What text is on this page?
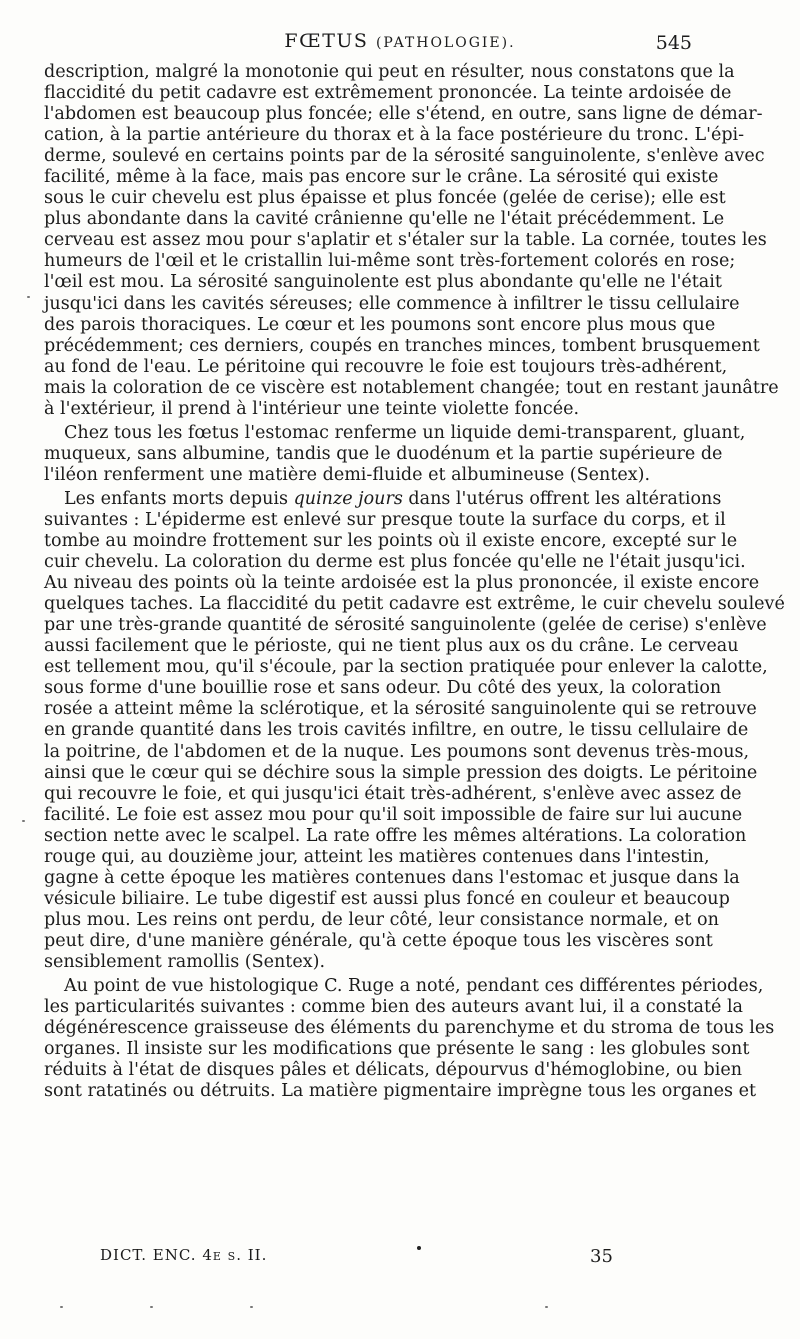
FŒTUS (PATHOLOGIE).	545
description, malgré la monotonie qui peut en résulter, nous constatons que la
flaccidité du petit cadavre est extrêmement prononcée. La teinte ardoisée de
l'abdomen est beaucoup plus foncée; elle s'étend, en outre, sans ligne de démar-
cation, à la partie antérieure du thorax et à la face postérieure du tronc. L'épi-
derme, soulevé en certains points par de la sérosité sanguinolente, s'enlève avec
facilité, même à la face, mais pas encore sur le crâne. La sérosité qui existe
sous le cuir chevelu est plus épaisse et plus foncée (gelée de cerise); elle est
plus abondante dans la cavité crânienne qu'elle ne l'était précédemment. Le
cerveau est assez mou pour s'aplatir et s'étaler sur la table. La cornée, toutes les
humeurs de l'œil et le cristallin lui-même sont très-fortement colorés en rose;
l'œil est mou. La sérosité sanguinolente est plus abondante qu'elle ne l'était
jusqu'ici dans les cavités séreuses; elle commence à infiltrer le tissu cellulaire
des parois thoraciques. Le cœur et les poumons sont encore plus mous que
précédemment; ces derniers, coupés en tranches minces, tombent brusquement
au fond de l'eau. Le péritoine qui recouvre le foie est toujours très-adhérent,
mais la coloration de ce viscère est notablement changée; tout en restant jaunâtre
à l'extérieur, il prend à l'intérieur une teinte violette foncée.
Chez tous les fœtus l'estomac renferme un liquide demi-transparent, gluant,
muqueux, sans albumine, tandis que le duodénum et la partie supérieure de
l'iléon renferment une matière demi-fluide et albumineuse (Sentex).
Les enfants morts depuis quinze jours dans l'utérus offrent les altérations
suivantes : L'épiderme est enlevé sur presque toute la surface du corps, et il
tombe au moindre frottement sur les points où il existe encore, excepté sur le
cuir chevelu. La coloration du derme est plus foncée qu'elle ne l'était jusqu'ici.
Au niveau des points où la teinte ardoisée est la plus prononcée, il existe encore
quelques taches. La flaccidité du petit cadavre est extrême, le cuir chevelu soulevé
par une très-grande quantité de sérosité sanguinolente (gelée de cerise) s'enlève
aussi facilement que le périoste, qui ne tient plus aux os du crâne. Le cerveau
est tellement mou, qu'il s'écoule, par la section pratiquée pour enlever la calotte,
sous forme d'une bouillie rose et sans odeur. Du côté des yeux, la coloration
rosée a atteint même la sclérotique, et la sérosité sanguinolente qui se retrouve
en grande quantité dans les trois cavités infiltre, en outre, le tissu cellulaire de
la poitrine, de l'abdomen et de la nuque. Les poumons sont devenus très-mous,
ainsi que le cœur qui se déchire sous la simple pression des doigts. Le péritoine
qui recouvre le foie, et qui jusqu'ici était très-adhérent, s'enlève avec assez de
facilité. Le foie est assez mou pour qu'il soit impossible de faire sur lui aucune
section nette avec le scalpel. La rate offre les mêmes altérations. La coloration
rouge qui, au douzième jour, atteint les matières contenues dans l'intestin,
gagne à cette époque les matières contenues dans l'estomac et jusque dans la
vésicule biliaire. Le tube digestif est aussi plus foncé en couleur et beaucoup
plus mou. Les reins ont perdu, de leur côté, leur consistance normale, et on
peut dire, d'une manière générale, qu'à cette époque tous les viscères sont
sensiblement ramollis (Sentex).
Au point de vue histologique C. Ruge a noté, pendant ces différentes périodes,
les particularités suivantes : comme bien des auteurs avant lui, il a constaté la
dégénérescence graisseuse des éléments du parenchyme et du stroma de tous les
organes. Il insiste sur les modifications que présente le sang : les globules sont
réduits à l'état de disques pâles et délicats, dépourvus d'hémoglobine, ou bien
sont ratatinés ou détruits. La matière pigmentaire imprègne tous les organes et
DICT. ENC. 4e s. II.	35
